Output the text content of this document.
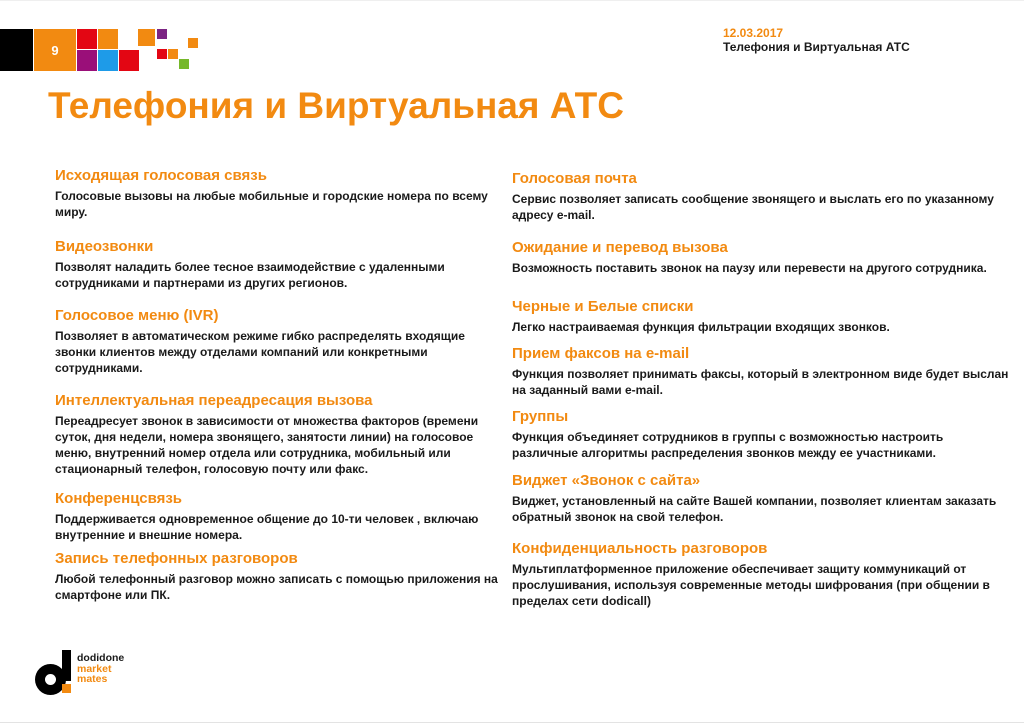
9
12.03.2017
Телефония и Виртуальная АТС
Телефония и Виртуальная АТС
Исходящая голосовая связь

Голосовые вызовы на любые мобильные и городские номера по всему миру.

Видеозвонки

Позволят наладить более тесное взаимодействие с удаленными сотрудниками и партнерами из других регионов.

Голосовое меню (IVR)

Позволяет в автоматическом режиме гибко распределять входящие звонки клиентов между отделами компаний или конкретными сотрудниками.

Интеллектуальная переадресация вызова

Переадресует звонок в зависимости от множества факторов (времени суток, дня недели, номера звонящего, занятости линии) на голосовое меню, внутренний номер отдела или сотрудника, мобильный или стационарный телефон, голосовую почту или факс.

Конференцсвязь

Поддерживается одновременное общение до 10-ти человек , включаю внутренние и внешние номера.

Запись телефонных разговоров

Любой телефонный разговор можно записать с помощью приложения на смартфоне или ПК.

Голосовая почта

Сервис позволяет записать сообщение звонящего и выслать его по указанному адресу e-mail.

Ожидание и перевод вызова

Возможность поставить звонок на паузу или перевести на другого сотрудника.

Черные и Белые списки

Легко настраиваемая функция фильтрации входящих звонков.

Прием факсов на e-mail

Функция позволяет принимать факсы, который в электронном виде будет выслан на заданный вами e-mail.

Группы

Функция объединяет сотрудников в группы с возможностью настроить различные алгоритмы распределения звонков между ее участниками.

Виджет «Звонок с сайта»

Виджет, установленный на сайте Вашей компании, позволяет клиентам заказать обратный звонок на свой телефон.

Конфиденциальность разговоров

Мультиплатформенное приложение обеспечивает защиту коммуникаций от прослушивания, используя современные методы шифрования (при общении в пределах сети dodicall)

dodidone
market
mates
